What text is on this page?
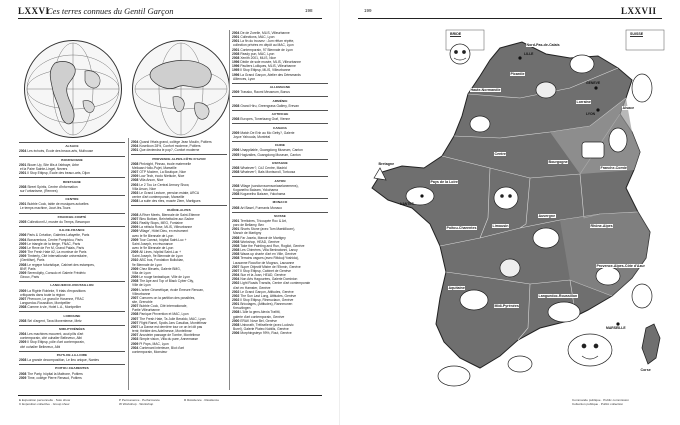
LXXVI
Ces terres connues du Gentil Garçon	198
ALSACE
2004Les échoés, École des beaux-arts, Mulhouse
BOURGOGNE
2001Blown Up, Site illis à l'abbaye, Arbe
et la Paire Sainte-Lingel, Nevers
2001Il Stop Ettipsp, École des beaux-arts, Dijon
BRETAGNE
2008Street Spirits, Centre d'information
sur l'urbanisme, (Rennes)
CENTRE
2001Bubble Cock, table de musiques actuelles
Le temps machine, Joué-lès-Tours
FRANCHE-COMTÉ
2005Collectionn'U, musée du Temps, Besançon
ILE-DE-FRANCE
2006Paris & Création, Galeries Lafayette, Paris
2004Bonaventura, Centre Pompidou, Paris
2009Le triangle de la tierge, FNAC, Paris
2006Le Reve de Fer M, Grand Palais, Paris
2009The Fresh Hate #2, La montrue de Paris
2009Timberly, Cité internationale universitaire,
(Gentilise), Paris
2008Le regepe futuristique, Cabinet des estampes,
BNF, Paris
2009Serendipity, Consulo et Galerie Frédéric
Giroux, Paris
LANGUEDOC-ROUSSILLON
2009La Rigèle Robleke, 9 étais d'expositions
critiquants dans toute la région
2007Pheroom, Le grand le Hosenne, FRAC
Languedoc-Roussillon, Montpellier
2008Comme à vie, Hotel L.A., Montpellier
LORRAINE
2008Sel d'argent, Taxa Monentense, Metz
MIDI-PYRÉNÉES
2004Les machines mouvent, aout pilis d'art
contemporain, cité ouhalier Belleveux, Albi
2009Il Stop Ettipsp, pôle d'art contemporain,
cité ouhalier Belleveux, Albi
PAYS-DE-LA-LOIRE
2008La grande decomposition, Le lieu unique, Nantes
POITOU-CHARENTES
2008The Party, hôpital la Maléone, Poitiers
2009Time, collège Pierre Renaud, Poitiers
2004Quand l'étais grand, collège Jean Moulin, Poitiers
2004Koselicon 28%, Confort moderne, Poitiers
2001Que deviendra le pop?, Confort moderne
PROVENCE-ALPES-CÔTE D'AZUR
2008Pinknight, Pinnao, école maternelle
Meikaan Hollo-Pujet, Marseille
2007OTP Modern, La Boutique, Nice
2009Low Tech, écolo Nietiude, Nice
2008Villa Arson, Nice
2003Le 2 Tou Le Central Armory Show,
Villa Arson, Nice
2003Le Grand Lecture, pension estate, ARCA
centre d'art contemporain, Marseille
2008La suite des rites, musée Ziem, Martigues
RHÔNE-ALPES
2008A River Meets, Biennale de Saint-Etienne
2007Bleu Bottom, Beinheltaüre-sur-Saône
2001Reality Stops, MEG, Fontaine
2009La nébula Rose, MLIS, Villeurbanne
2009Village', Hôtel Dieu, en estrument
avec le 9e Biennale de Lyon
2009Tour Cannut, hôpital Saint-Luc +
Saint Joseph, en résonance
avec le 9e Biennale de Lyon
2009All Lines, hôpital Saint-Luc +
Saint Joseph, 9e Biennale de Lyon
2010ABC bus, Fondation Bullukian,
9e Biennale de Lyon
2009Chez Bleuets, Galerie BMG,
Villa de Lyon
2009Le rouge fantastique, Ville de Lyon
2008The Ape and Top of Black Cyber City,
Ville de Lyon
2009L'arbre Géométique, école Émeure Renoan,
Villeurbanne
2007Comores on la partition des possibles,
site, Grenoble
2007Bubble Cock, Cité internationale,
Partie Villeurbanne
2008Panique Pinvention et MAC, Lyon
2007The Fresh Hate, Ta Julie Beraldo, MAC, Lyon
2007Flight Ranel, Spoils Jars Casullas, Montélimar
2007La Danse est dernière tour ce on lei dit pas
tentr, théâtre des Adelinesse, Montelimar
2007Anusteim passage de Tombe, Montélimar
2003Simple vision, Villa du pare, Annemasse
2009Pi Pops, MAC, Lyon
2004Contenant interieure, Biot d'art
contemporain, Monsieur
2004De de Zorelle, MLIS, Villeurbanne
2001Collections, MAC, Lyon
2001La fin du trouvez : Jum rêfum répète,
collection privées en dépôt au MAC, Lyon
2001Contemporain, 97 Biennale de Lyon
2008Ready pun, MAC, Lyon
2008Xenith 2001, MLIS, Nice
1996Dédie de sole musée, MLIS, Villeurbanne
1996Pauliers Luiliques, MLIS, Villeurbanne
1995Il Stop Ettipsp, MLIS, Villeurbanne
1996La Grand Garçon, Atelier des Déesmards
Alliences, Lyon
ALLEMAGNE
2009Trassko, Raomi Meuseum, Bonus
ARMÉNIE
2008Grand Hiru, Greengrass Gallery, Erevan
AUTRICHE
2008Europes, Tonerlaang Graf, Vienne
CANADA
2009Match De Enh au Mo Getty?, Galerie
Joyce Yahouda, Montréal
CHINE
2006Unappliable, Guangdong Museum, Canton
2005Hogizalies, Guangdong Museum, Canton
ESPAGNE
2008Whatever?, CdJ Centre, Madrid
2008Whatever?, Bals Montsoroll, Tortoosa
JAPON
2008Village (sondurvscensoniaselanemens),
Koganeiho Baizam, Yokohama
2008Koganeiho Baizam, Yokohama
MONACO
2008Art Basel, Furmanis Monaco
SUISSE
2001Territoires, Tricoupée Roc & Art,
parc de Bellamy, Bex
2001Shorts Stone (avec Tom Maeldlicorn),
Manoir de Martigny
2008Far Joseia, Manoir de Martigny
2008Workshop, HEAD, Genève
2008Take the Painting and Run, Rogilot, Genève
2008Les Chimères, Villa Beninatonni, Lancy
2008Wawa up charte d'art en Ville, Genève
2008Terrains vagues (avec Rifokuji Yoshida),
Lausanne Rocuflor de Mugnus, Lausanne
2007Super Objectif Mistre de l'Ebmin, Genève
2007Il Stop Ettipsp, Cabinet de Genève
2004Sun et la Joan, HEAD, Genève
2004Non Arts Hagourées, Galerie Dominion
2002Light Roads Transits, Centre d'art contemporain
d'art en Hamster, Genève
2002Le Grand Garçon, Attitudes, Genève
2002The Sun Last Long, Attitudes, Genève
2002Il Stop Ettipsp, Rinmuclaun, Genève
2001Bricolages, (Attitudes), Rannmunen
Kreuzlingen
2008L'Alle la gens Alexia Trafitti,
galerie d'art contemporain, Genève
2000ERAK Nove Bel, Genève
2008Unborath, Trélisellerie (avec Ludovic
Burel), Galerie Plateo Nobilis, Genève
2006Morphingsteyn 99%, Rout, Genève
E Exposition personnelle · Solo show
C Exposition collective · Group show
P Permanence · Performance
W Workshop · Workshop
R Résidence · Résidence
199	LXXVII
Commande publique · Public commission
Collection publique · Public collection
BRIDE	SUISSE
GENEVE
LYON
MARSEILLE
LILLE
NANTES
Nord-Pas-de-Calais
Picardie
Haute-Normandie
Lorraine
Alsace
Bretagne
Pays de la Loire
Centre
Bourgogne
Franche-Comté
Poitou-Charentes	Limousin
Auvergne
Rhône-Alpes
Aquitaine
Midi-Pyrénées
Languedoc-Roussillon
Provence-Alpes-Côte d'Azur
Corse
